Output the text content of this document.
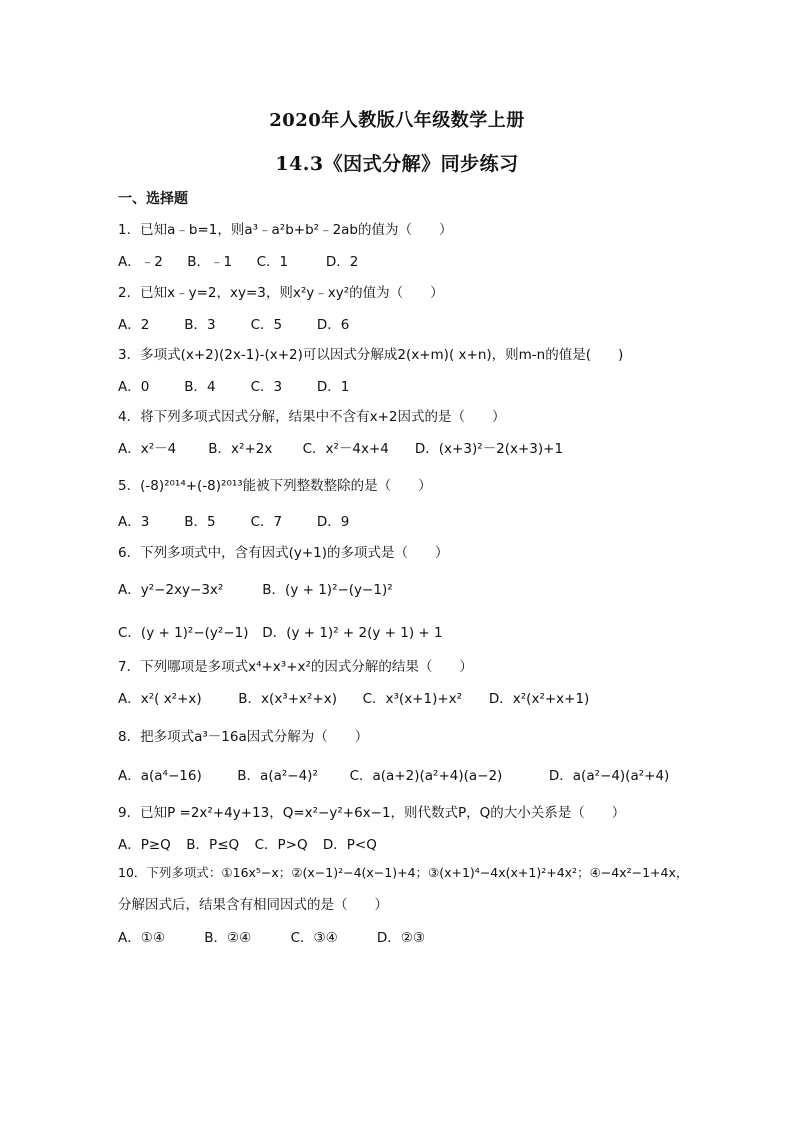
2020年人教版八年级数学上册
14.3《因式分解》同步练习
一、选择题
1．已知a﹣b=1，则a³﹣a²b+b²﹣2ab的值为（　　）
A．﹣2 B．﹣1 C．1	D．2
2．已知x﹣y=2，xy=3，则x²y﹣xy²的值为（　　）
A．2	B．3	C．5	D．6
3．多项式(x+2)(2x-1)-(x+2)可以因式分解成2(x+m)( x+n)，则m-n的值是(　　)
A．0	B．4	C．3	D．1
4．将下列多项式因式分解，结果中不含有x+2因式的是（　　）
A．x²－4 B．x²+2x C．x²－4x+4 D．(x+3)²－2(x+3)+1
5．(-8)²⁰¹⁴+(-8)²⁰¹³能被下列整数整除的是（　　）
A．3	B．5	C．7	D．9
6．下列多项式中，含有因式(y+1)的多项式是（　　）
A．y²−2xy−3x²	B．(y + 1)²−(y−1)²
C．(y + 1)²−(y²−1) D．(y + 1)² + 2(y + 1) + 1
7．下列哪项是多项式x⁴+x³+x²的因式分解的结果（　　）
A．x²( x²+x)	B．x(x³+x²+x) C．x³(x+1)+x² D．x²(x²+x+1)
8．把多项式a³－16a因式分解为（　　）
A．a(a⁴−16)	B．a(a²−4)² C．a(a+2)(a²+4)(a−2)	D．a(a²−4)(a²+4)
9．已知P =2x²+4y+13，Q=x²−y²+6x−1，则代数式P，Q的大小关系是（　　）
A．P≥Q B．P≤Q C．P>Q D．P<Q
10．下列多项式：①16x⁵−x；②(x−1)²−4(x−1)+4；③(x+1)⁴−4x(x+1)²+4x²；④−4x²−1+4x，
分解因式后，结果含有相同因式的是（　　）
A．①④	B．②④	C．③④	D．②③
